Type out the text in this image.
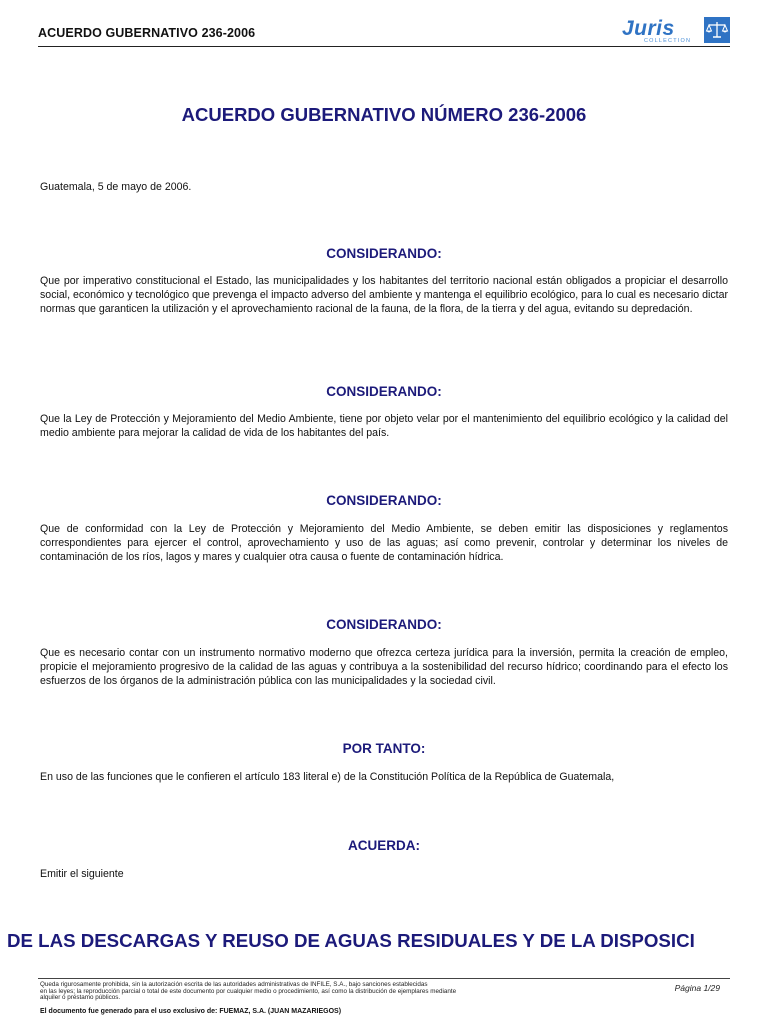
ACUERDO GUBERNATIVO 236-2006	Juris
COLLECTION
ACUERDO GUBERNATIVO NÚMERO 236-2006
Guatemala, 5 de mayo de 2006.
CONSIDERANDO:
Que por imperativo constitucional el Estado, las municipalidades y los habitantes del territorio nacional están obligados a propiciar el desarrollo social, económico y tecnológico que prevenga el impacto adverso del ambiente y mantenga el equilibrio ecológico, para lo cual es necesario dictar normas que garanticen la utilización y el aprovechamiento racional de la fauna, de la flora, de la tierra y del agua, evitando su depredación.
CONSIDERANDO:
Que la Ley de Protección y Mejoramiento del Medio Ambiente, tiene por objeto velar por el mantenimiento del equilibrio ecológico y la calidad del medio ambiente para mejorar la calidad de vida de los habitantes del país.
CONSIDERANDO:
Que de conformidad con la Ley de Protección y Mejoramiento del Medio Ambiente, se deben emitir las disposiciones y reglamentos correspondientes para ejercer el control, aprovechamiento y uso de las aguas; así como prevenir, controlar y determinar los niveles de contaminación de los ríos, lagos y mares y cualquier otra causa o fuente de contaminación hídrica.
CONSIDERANDO:
Que es necesario contar con un instrumento normativo moderno que ofrezca certeza jurídica para la inversión, permita la creación de empleo, propicie el mejoramiento progresivo de la calidad de las aguas y contribuya a la sostenibilidad del recurso hídrico; coordinando para el efecto los esfuerzos de los órganos de la administración pública con las municipalidades y la sociedad civil.
POR TANTO:
En uso de las funciones que le confieren el artículo 183 literal e) de la Constitución Política de la República de Guatemala,
ACUERDA:
Emitir el siguiente
DE LAS DESCARGAS Y REUSO DE AGUAS RESIDUALES Y DE LA DISPOSICI
Queda rigurosamente prohibida, sin la autorización escrita de las autoridades administrativas de INFILE, S.A., bajo sanciones establecidas
en las leyes; la reproducción parcial o total de este documento por cualquier medio o procedimiento, así como la distribución de ejemplares mediante
alquiler o préstamo públicos.
Página 1/29
El documento fue generado para el uso exclusivo de: FUEMAZ, S.A. (JUAN MAZARIEGOS)
